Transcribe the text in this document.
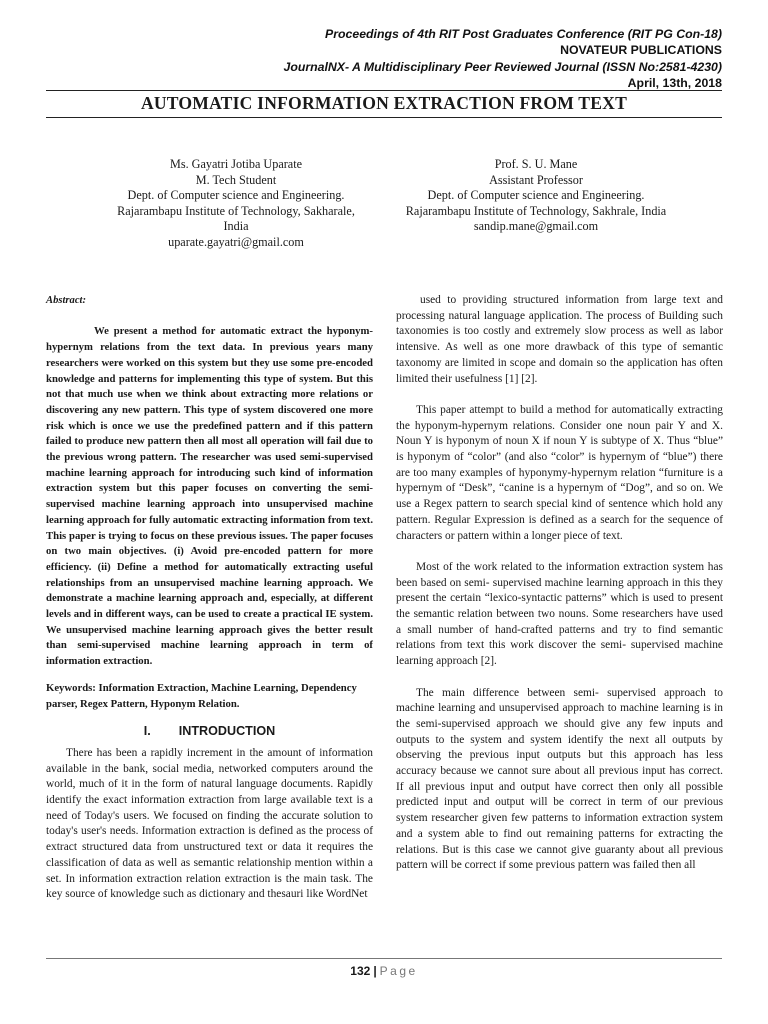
Proceedings of 4th RIT Post Graduates Conference (RIT PG Con-18)
NOVATEUR PUBLICATIONS
JournalNX- A Multidisciplinary Peer Reviewed Journal (ISSN No:2581-4230)
April, 13th, 2018
AUTOMATIC INFORMATION EXTRACTION FROM TEXT
Ms. Gayatri Jotiba Uparate
M. Tech Student
Dept. of Computer science and Engineering.
Rajarambapu Institute of Technology, Sakharale,
India
uparate.gayatri@gmail.com
Prof. S. U. Mane
Assistant Professor
Dept. of Computer science and Engineering.
Rajarambapu Institute of Technology, Sakhrale, India
sandip.mane@gmail.com

Abstract:

We present a method for automatic extract the hyponym-hypernym relations from the text data. In previous years many researchers were worked on this system but they use some pre-encoded knowledge and patterns for implementing this type of system. But this not that much use when we think about extracting more relations or discovering any new pattern. This type of system discovered one more risk which is once we use the predefined pattern and if this pattern failed to produce new pattern then all most all operation will fail due to the previous wrong pattern. The researcher was used semi-supervised machine learning approach for introducing such kind of information extraction system but this paper focuses on converting the semi-supervised machine learning approach into unsupervised machine learning approach for fully automatic extracting information from text. This paper is trying to focus on these previous issues. The paper focuses on two main objectives. (i) Avoid pre-encoded pattern for more efficiency. (ii) Define a method for automatically extracting useful relationships from an unsupervised machine learning approach. We demonstrate a machine learning approach and, especially, at different levels and in different ways, can be used to create a practical IE system. We unsupervised machine learning approach gives the better result than semi-supervised machine learning approach in term of information extraction.

Keywords: Information Extraction, Machine Learning, Dependency parser, Regex Pattern, Hyponym Relation.

I. INTRODUCTION

There has been a rapidly increment in the amount of information available in the bank, social media, networked computers around the world, much of it in the form of natural language documents. Rapidly identify the exact information extraction from large available text is a need of Today's users. We focused on finding the accurate solution to today's user's needs. Information extraction is defined as the process of extract structured data from unstructured text or data it requires the classification of data as well as semantic relationship mention within a set. In information extraction relation extraction is the main task. The key source of knowledge such as dictionary and thesauri like WordNet

used to providing structured information from large text and processing natural language application. The process of Building such taxonomies is too costly and extremely slow process as well as labor intensive. As well as one more drawback of this type of semantic taxonomy are limited in scope and domain so the application has often limited their usefulness [1] [2].

This paper attempt to build a method for automatically extracting the hyponym-hypernym relations. Consider one noun pair Y and X. Noun Y is hyponym of noun X if noun Y is subtype of X. Thus “blue” is hyponym of “color” (and also “color” is hypernym of “blue”) there are too many examples of hyponymy-hypernym relation “furniture is a hypernym of “Desk”, “canine is a hypernym of “Dog”, and so on. We use a Regex pattern to search special kind of sentence which hold any pattern. Regular Expression is defined as a search for the sequence of characters or pattern within a longer piece of text.

Most of the work related to the information extraction system has been based on semi- supervised machine learning approach in this they present the certain “lexico-syntactic patterns” which is used to present the semantic relation between two nouns. Some researchers have used a small number of hand-crafted patterns and try to find semantic relations from text this work discover the semi- supervised machine learning approach [2].

The main difference between semi- supervised approach to machine learning and unsupervised approach to machine learning is in the semi-supervised approach we should give any few inputs and outputs to the system and system identify the next all outputs by observing the previous input outputs but this approach has less accuracy because we cannot sure about all previous input has correct. If all previous input and output have correct then only all possible predicted input and output will be correct in term of our previous system researcher given few patterns to information extraction system and a system able to find out remaining patterns for extracting the relations. But is this case we cannot give guaranty about all previous pattern will be correct if some previous pattern was failed then all

132 | Page
